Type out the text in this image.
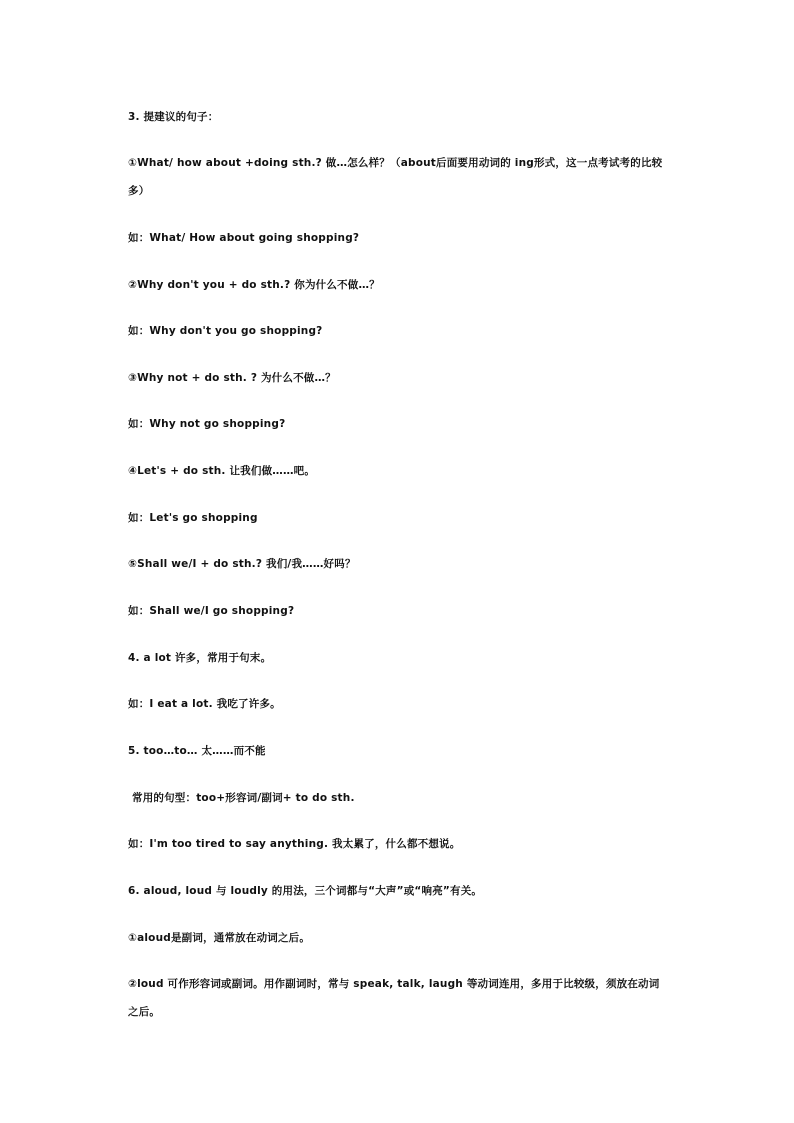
3. 提建议的句子：
①What/ how about +doing sth.? 做…怎么样？（about后面要用动词的 ing形式，这一点考试考的比较多）
如：What/ How about going shopping?
②Why don't you + do sth.? 你为什么不做…？
如：Why don't you go shopping?
③Why not + do sth. ? 为什么不做…？
如：Why not go shopping?
④Let's + do sth. 让我们做……吧。
如：Let's go shopping
⑤Shall we/I + do sth.? 我们/我……好吗？
如：Shall we/I go shopping?
4. a lot 许多，常用于句末。
如：I eat a lot. 我吃了许多。
5. too…to… 太……而不能
常用的句型：too+形容词/副词+ to do sth.
如：I'm too tired to say anything. 我太累了，什么都不想说。
6. aloud, loud 与 loudly 的用法，三个词都与“大声”或“响亮”有关。
①aloud是副词，通常放在动词之后。
②loud 可作形容词或副词。用作副词时，常与 speak, talk, laugh 等动词连用，多用于比较级，须放在动词之后。
